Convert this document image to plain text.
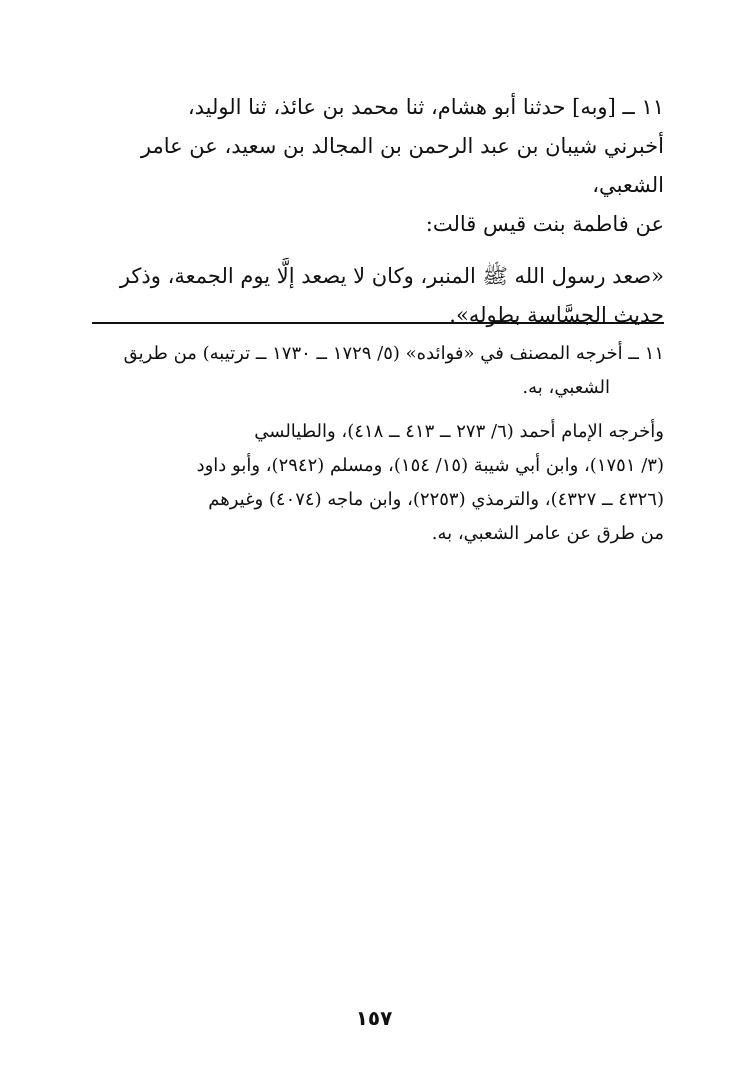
١١ ــ [وبه] حدثنا أبو هشام، ثنا محمد بن عائذ، ثنا الوليد،
أخبرني شيبان بن عبد الرحمن بن المجالد بن سعيد، عن عامر الشعبي،
عن فاطمة بنت قيس قالت:

«صعد رسول الله ﷺ المنبر، وكان لا يصعد إلَّا يوم الجمعة، وذكر
حديث الجسَّاسة بطوله».

١١ ــ أخرجه المصنف في «فوائده» (٥/ ١٧٢٩ ــ ١٧٣٠ ــ ترتيبه) من طريق
الشعبي، به.

وأخرجه الإمام أحمد (٦/ ٢٧٣ ــ ٤١٣ ــ ٤١٨)، والطيالسي
(٣/ ١٧٥١)، وابن أبي شيبة (١٥/ ١٥٤)، ومسلم (٢٩٤٢)، وأبو داود
(٤٣٢٦ ــ ٤٣٢٧)، والترمذي (٢٢٥٣)، وابن ماجه (٤٠٧٤) وغيرهم
من طرق عن عامر الشعبي، به.

١٥٧
